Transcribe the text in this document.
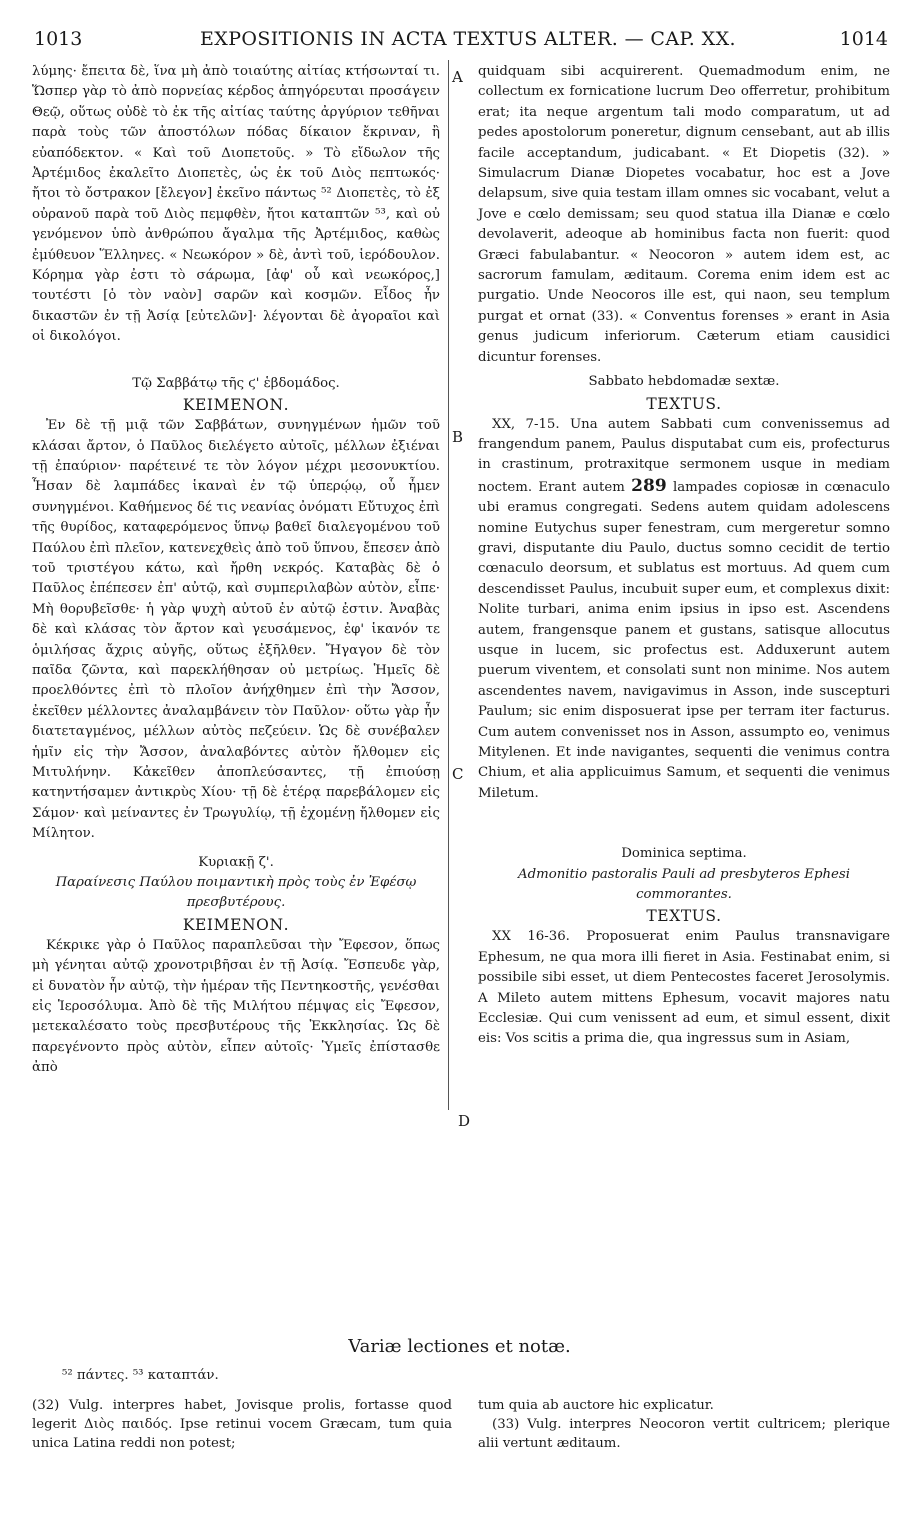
1013	EXPOSITIONIS IN ACTA TEXTUS ALTER. — CAP. XX.	1014

λύμης· ἔπειτα δὲ, ἵνα μὴ ἀπὸ τοιαύτης αἰτίας κτήσωνταί τι. Ὥσπερ γὰρ τὸ ἀπὸ πορνείας κέρδος ἀπηγόρευται προσάγειν Θεῷ, οὕτως οὐδὲ τὸ ἐκ τῆς αἰτίας ταύτης ἀργύριον τεθῆναι παρὰ τοὺς τῶν ἀποστόλων πόδας δίκαιον ἔκριναν, ἢ εὐαπόδεκτον. « Καὶ τοῦ Διοπετοῦς. » Τὸ εἴδωλον τῆς Ἀρτέμιδος ἐκαλεῖτο Διοπετὲς, ὡς ἐκ τοῦ Διὸς πεπτωκός· ἤτοι τὸ ὄστρακον [ἔλεγον] ἐκεῖνο πάντως ⁵² Διοπετὲς, τὸ ἐξ οὐρανοῦ παρὰ τοῦ Διὸς πεμφθὲν, ἤτοι καταπτῶν ⁵³, καὶ οὐ γενόμενον ὑπὸ ἀνθρώπου ἄγαλμα τῆς Ἀρτέμιδος, καθὼς ἐμύθευον Ἕλληνες. « Νεωκόρον » δὲ, ἀντὶ τοῦ, ἱερόδουλον. Κόρημα γὰρ ἐστι τὸ σάρωμα, [ἀφ' οὗ καὶ νεωκόρος,] τουτέστι [ὁ τὸν ναὸν] σαρῶν καὶ κοσμῶν. Εἶδος ἦν δικαστῶν ἐν τῇ Ἀσίᾳ [εὐτελῶν]· λέγονται δὲ ἀγοραῖοι καὶ οἱ δικολόγοι.

Τῷ Σαββάτῳ τῆς ϛ' ἑβδομάδος.

ΚΕΙΜΕΝΟΝ.

Ἐν δὲ τῇ μιᾷ τῶν Σαββάτων, συνηγμένων ἡμῶν τοῦ κλάσαι ἄρτον, ὁ Παῦλος διελέγετο αὐτοῖς, μέλλων ἐξιέναι τῇ ἐπαύριον· παρέτεινέ τε τὸν λόγον μέχρι μεσονυκτίου. Ἦσαν δὲ λαμπάδες ἱκαναὶ ἐν τῷ ὑπερῴῳ, οὗ ἦμεν συνηγμένοι. Καθήμενος δέ τις νεανίας ὀνόματι Εὔτυχος ἐπὶ τῆς θυρίδος, καταφερόμενος ὕπνῳ βαθεῖ διαλεγομένου τοῦ Παύλου ἐπὶ πλεῖον, κατενεχθεὶς ἀπὸ τοῦ ὕπνου, ἔπεσεν ἀπὸ τοῦ τριστέγου κάτω, καὶ ἤρθη νεκρός. Καταβὰς δὲ ὁ Παῦλος ἐπέπεσεν ἐπ' αὐτῷ, καὶ συμπεριλαβὼν αὐτὸν, εἶπε· Μὴ θορυβεῖσθε· ἡ γὰρ ψυχὴ αὐτοῦ ἐν αὐτῷ ἐστιν. Ἀναβὰς δὲ καὶ κλάσας τὸν ἄρτον καὶ γευσάμενος, ἐφ' ἱκανόν τε ὁμιλήσας ἄχρις αὐγῆς, οὕτως ἐξῆλθεν. Ἤγαγον δὲ τὸν παῖδα ζῶντα, καὶ παρεκλήθησαν οὐ μετρίως. Ἡμεῖς δὲ προελθόντες ἐπὶ τὸ πλοῖον ἀνήχθημεν ἐπὶ τὴν Ἄσσον, ἐκεῖθεν μέλλοντες ἀναλαμβάνειν τὸν Παῦλον· οὕτω γὰρ ἦν διατεταγμένος, μέλλων αὐτὸς πεζεύειν. Ὡς δὲ συνέβαλεν ἡμῖν εἰς τὴν Ἄσσον, ἀναλαβόντες αὐτὸν ἤλθομεν εἰς Μιτυλήνην. Κἀκεῖθεν ἀποπλεύσαντες, τῇ ἐπιούσῃ κατηντήσαμεν ἀντικρὺς Χίου· τῇ δὲ ἑτέρᾳ παρεβάλομεν εἰς Σάμον· καὶ μείναντες ἐν Τρωγυλίῳ, τῇ ἐχομένῃ ἤλθομεν εἰς Μίλητον.

Κυριακῇ ζ'.

Παραίνεσις Παύλου ποιμαντικὴ πρὸς τοὺς ἐν Ἐφέσῳ πρεσβυτέρους.

ΚΕΙΜΕΝΟΝ.

Κέκρικε γὰρ ὁ Παῦλος παραπλεῦσαι τὴν Ἔφεσον, ὅπως μὴ γένηται αὐτῷ χρονοτριβῆσαι ἐν τῇ Ἀσίᾳ. Ἔσπευδε γὰρ, εἰ δυνατὸν ἦν αὐτῷ, τὴν ἡμέραν τῆς Πεντηκοστῆς, γενέσθαι εἰς Ἱεροσόλυμα. Ἀπὸ δὲ τῆς Μιλήτου πέμψας εἰς Ἔφεσον, μετεκαλέσατο τοὺς πρεσβυτέρους τῆς Ἐκκλησίας. Ὡς δὲ παρεγένοντο πρὸς αὐτὸν, εἶπεν αὐτοῖς· Ὑμεῖς ἐπίστασθε ἀπὸ

quidquam sibi acquirerent. Quemadmodum enim, ne collectum ex fornicatione lucrum Deo offerretur, prohibitum erat; ita neque argentum tali modo comparatum, ut ad pedes apostolorum poneretur, dignum censebant, aut ab illis facile acceptandum, judicabant. « Et Diopetis (32). » Simulacrum Dianæ Diopetes vocabatur, hoc est a Jove delapsum, sive quia testam illam omnes sic vocabant, velut a Jove e cœlo demissam; seu quod statua illa Dianæ e cœlo devolaverit, adeoque ab hominibus facta non fuerit: quod Græci fabulabantur. « Neocoron » autem idem est, ac sacrorum famulam, æditaum. Corema enim idem est ac purgatio. Unde Neocoros ille est, qui naon, seu templum purgat et ornat (33). « Conventus forenses » erant in Asia genus judicum inferiorum. Cæterum etiam causidici dicuntur forenses.

Sabbato hebdomadæ sextæ.

TEXTUS.

XX, 7-15. Una autem Sabbati cum convenissemus ad frangendum panem, Paulus disputabat cum eis, profecturus in crastinum, protraxitque sermonem usque in mediam noctem. Erant autem 289 lampades copiosæ in cœnaculo ubi eramus congregati. Sedens autem quidam adolescens nomine Eutychus super fenestram, cum mergeretur somno gravi, disputante diu Paulo, ductus somno cecidit de tertio cœnaculo deorsum, et sublatus est mortuus. Ad quem cum descendisset Paulus, incubuit super eum, et complexus dixit: Nolite turbari, anima enim ipsius in ipso est. Ascendens autem, frangensque panem et gustans, satisque allocutus usque in lucem, sic profectus est. Adduxerunt autem puerum viventem, et consolati sunt non minime. Nos autem ascendentes navem, navigavimus in Asson, inde suscepturi Paulum; sic enim disposuerat ipse per terram iter facturus. Cum autem convenisset nos in Asson, assumpto eo, venimus Mitylenen. Et inde navigantes, sequenti die venimus contra Chium, et alia applicuimus Samum, et sequenti die venimus Miletum.

Dominica septima.

Admonitio pastoralis Pauli ad presbyteros Ephesi commorantes.

TEXTUS.

XX 16-36. Proposuerat enim Paulus transnavigare Ephesum, ne qua mora illi fieret in Asia. Festinabat enim, si possibile sibi esset, ut diem Pentecostes faceret Jerosolymis. A Mileto autem mittens Ephesum, vocavit majores natu Ecclesiæ. Qui cum venissent ad eum, et simul essent, dixit eis: Vos scitis a prima die, qua ingressus sum in Asiam,

A
B
C
D
Variæ lectiones et notæ.
⁵² πάντες. ⁵³ καταπτάν.
(32) Vulg. interpres habet, Jovisque prolis, fortasse quod legerit Διὸς παιδός. Ipse retinui vocem Græcam, tum quia unica Latina reddi non potest;
tum quia ab auctore hic explicatur.
(33) Vulg. interpres Neocoron vertit cultricem; plerique alii vertunt æditaum.
